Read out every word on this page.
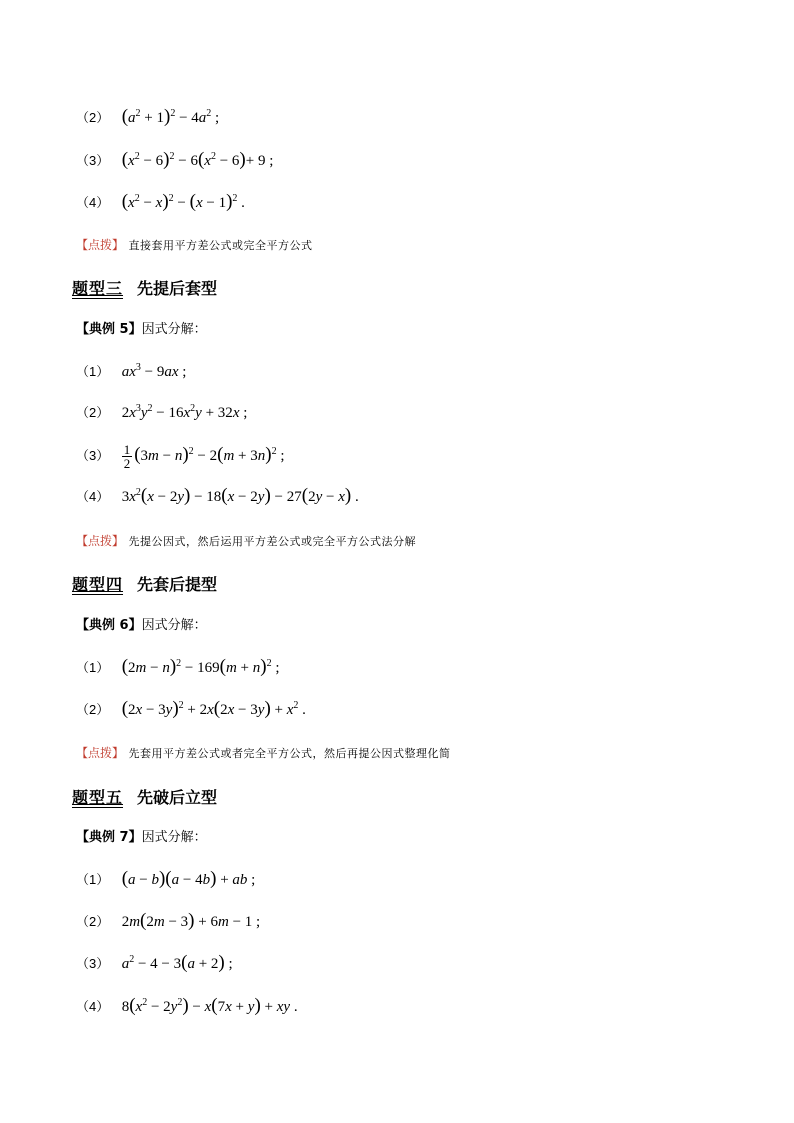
（2） $(a^2 + 1)^2 - 4a^2$ ;
（3） $(x^2 - 6)^2 - 6(x^2 - 6)+ 9$ ;
（4） $(x^2 - x)^2 - (x - 1)^2$ .
【点拨】 直接套用平方差公式或完全平方公式
题型三 先提后套型
【典例 5】因式分解：
（1） $ax^3 - 9ax$ ;
（2） $2x^3y^2 - 16x^2y + 32x$ ;
$(3) \frac{1}{2} (3m - n)^2 - 2(m + 3n)^2$ ;
（4） $3x^2(x - 2y) - 18(x - 2y) - 27(2y - x)$ .
【点拨】 先提公因式，然后运用平方差公式或完全平方公式法分解
题型四 先套后提型
【典例 6】因式分解：
（1） $(2m - n)^2 - 169(m + n)^2$ ;
（2） $(2x - 3y)^2 + 2x(2x - 3y) + x^2$ .
【点拨】 先套用平方差公式或者完全平方公式，然后再提公因式整理化简
题型五 先破后立型
【典例 7】因式分解：
（1） (a − b)(a − 4b) + ab ;
（2） 2m(2m − 3) + 6m − 1 ;
（3） $a^2 - 4 - 3(a + 2)$ ;
（4） $8(x^2 - 2y^2) - x(7x + y)$ + xy .
